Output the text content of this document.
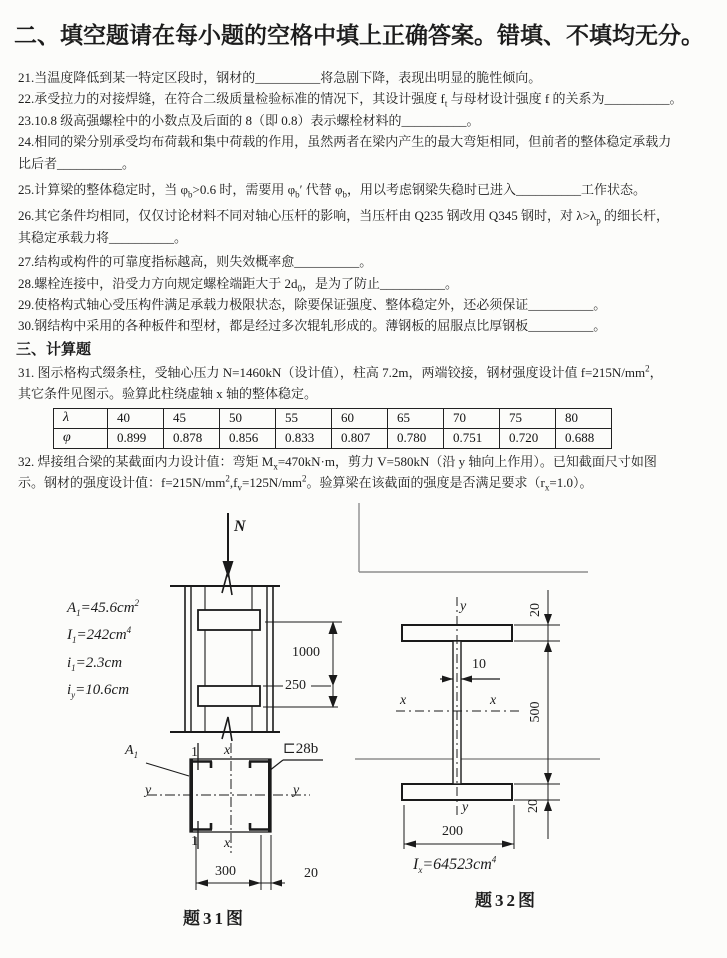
二、填空题请在每小题的空格中填上正确答案。错填、不填均无分。
21.当温度降低到某一特定区段时，钢材的__________将急剧下降，表现出明显的脆性倾向。
22.承受拉力的对接焊缝，在符合二级质量检验标准的情况下，其设计强度 $f_t$ 与母材设计强度 f 的关系为__________。
23.10.8 级高强螺栓中的小数点及后面的 8（即 0.8）表示螺栓材料的__________。
24.相同的梁分别承受均布荷载和集中荷载的作用，虽然两者在梁内产生的最大弯矩相同，但前者的整体稳定承载力
比后者__________。
25.计算梁的整体稳定时，当 $\varphi_b>0.6$ 时，需要用 $\varphi_b'$ 代替 $\varphi_b$，用以考虑钢梁失稳时已进入__________工作状态。
26.其它条件均相同，仅仅讨论材料不同对轴心压杆的影响，当压杆由 Q235 钢改用 Q345 钢时，对 $\lambda>\lambda_p$ 的细长杆，
其稳定承载力将__________。
27.结构或构件的可靠度指标越高，则失效概率愈__________。
28.螺栓连接中，沿受力方向规定螺栓端距大于 $2d_0$，是为了防止__________。
29.使格构式轴心受压构件满足承载力极限状态，除要保证强度、整体稳定外，还必须保证__________。
30.钢结构中采用的各种板件和型材，都是经过多次辊轧形成的。薄钢板的屈服点比厚钢板__________。
三、计算题
31. 图示格构式缀条柱，受轴心压力 N=1460kN（设计值），柱高 7.2m，两端铰接，钢材强度设计值 $f=215N/mm^2$，
其它条件见图示。验算此柱绕虚轴 x 轴的整体稳定。
λ	40	45	50	55	60	65	70	75	80
φ	0.899	0.878	0.856	0.833	0.807	0.780	0.751	0.720	0.688
32. 焊接组合梁的某截面内力设计值：弯矩 $M_x=470kN\cdot m$，剪力 V=580kN（沿 y 轴向上作用）。已知截面尺寸如图
示。钢材的强度设计值：$f=215N/mm^2,f_v=125N/mm^2$。验算梁在该截面的强度是否满足要求$(r_x=1.0)$。
N
$A_1=45.6cm^2$
$I_1=242cm^4$
$i_1=2.3cm$
$i_y=10.6cm$
1000
250
$A_1$	1
1
x
x
y	y
⊏28b
300	20
题31图
y
10
x	x
y
20
500
20
200
$I_x=64523cm^4$
题32图
